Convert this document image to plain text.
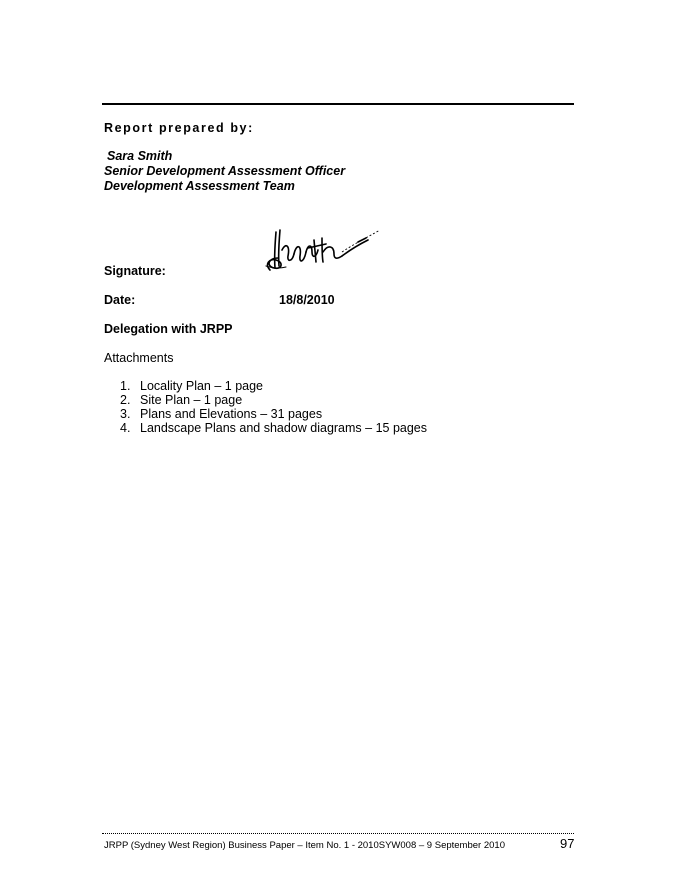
Report prepared by:
Sara Smith
Senior Development Assessment Officer
Development Assessment Team
Signature:
Date:	18/8/2010
Delegation with JRPP
Attachments
1. Locality Plan – 1 page
2. Site Plan – 1 page
3. Plans and Elevations – 31 pages
4. Landscape Plans and shadow diagrams – 15 pages
JRPP (Sydney West Region) Business Paper – Item No. 1 - 2010SYW008 – 9 September 2010	97
